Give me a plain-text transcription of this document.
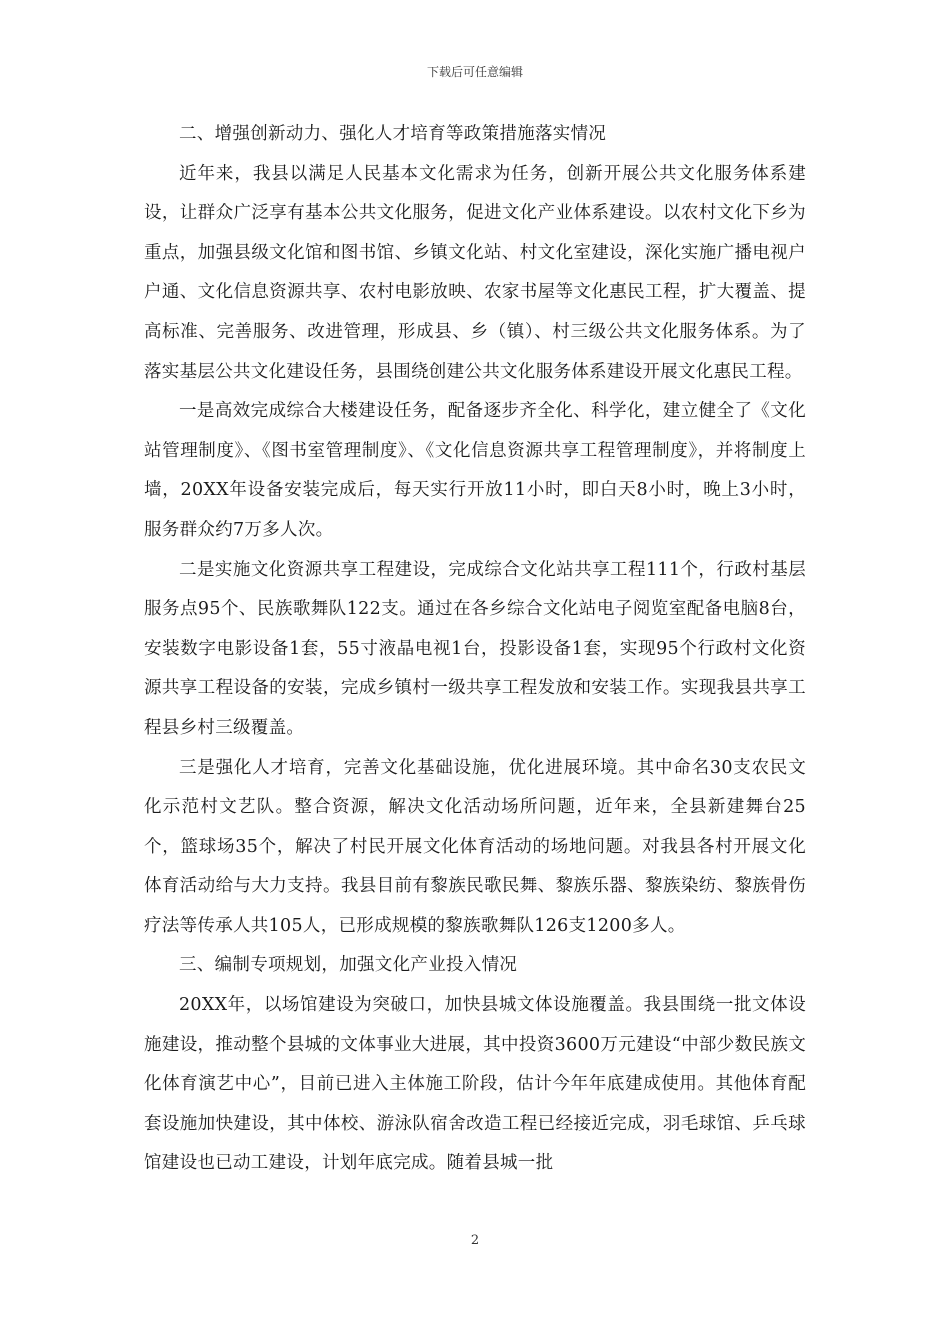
下载后可任意编辑

二、增强创新动力、强化人才培育等政策措施落实情况

近年来，我县以满足人民基本文化需求为任务，创新开展公共文化服务体系建设，让群众广泛享有基本公共文化服务，促进文化产业体系建设。以农村文化下乡为重点，加强县级文化馆和图书馆、乡镇文化站、村文化室建设，深化实施广播电视户户通、文化信息资源共享、农村电影放映、农家书屋等文化惠民工程，扩大覆盖、提高标准、完善服务、改进管理，形成县、乡（镇）、村三级公共文化服务体系。为了落实基层公共文化建设任务，县围绕创建公共文化服务体系建设开展文化惠民工程。

一是高效完成综合大楼建设任务，配备逐步齐全化、科学化，建立健全了《文化站管理制度》、《图书室管理制度》、《文化信息资源共享工程管理制度》，并将制度上墙，20XX年设备安装完成后，每天实行开放11小时，即白天8小时，晚上3小时，服务群众约7万多人次。

二是实施文化资源共享工程建设，完成综合文化站共享工程111个，行政村基层服务点95个、民族歌舞队122支。通过在各乡综合文化站电子阅览室配备电脑8台，安装数字电影设备1套，55寸液晶电视1台，投影设备1套，实现95个行政村文化资源共享工程设备的安装，完成乡镇村一级共享工程发放和安装工作。实现我县共享工程县乡村三级覆盖。

三是强化人才培育，完善文化基础设施，优化进展环境。其中命名30支农民文化示范村文艺队。整合资源，解决文化活动场所问题，近年来，全县新建舞台25个，篮球场35个，解决了村民开展文化体育活动的场地问题。对我县各村开展文化体育活动给与大力支持。我县目前有黎族民歌民舞、黎族乐器、黎族染纺、黎族骨伤疗法等传承人共105人，已形成规模的黎族歌舞队126支1200多人。

三、编制专项规划，加强文化产业投入情况

20XX年，以场馆建设为突破口，加快县城文体设施覆盖。我县围绕一批文体设施建设，推动整个县城的文体事业大进展，其中投资3600万元建设“中部少数民族文化体育演艺中心”，目前已进入主体施工阶段，估计今年年底建成使用。其他体育配套设施加快建设，其中体校、游泳队宿舍改造工程已经接近完成，羽毛球馆、乒乓球馆建设也已动工建设，计划年底完成。随着县城一批

2
